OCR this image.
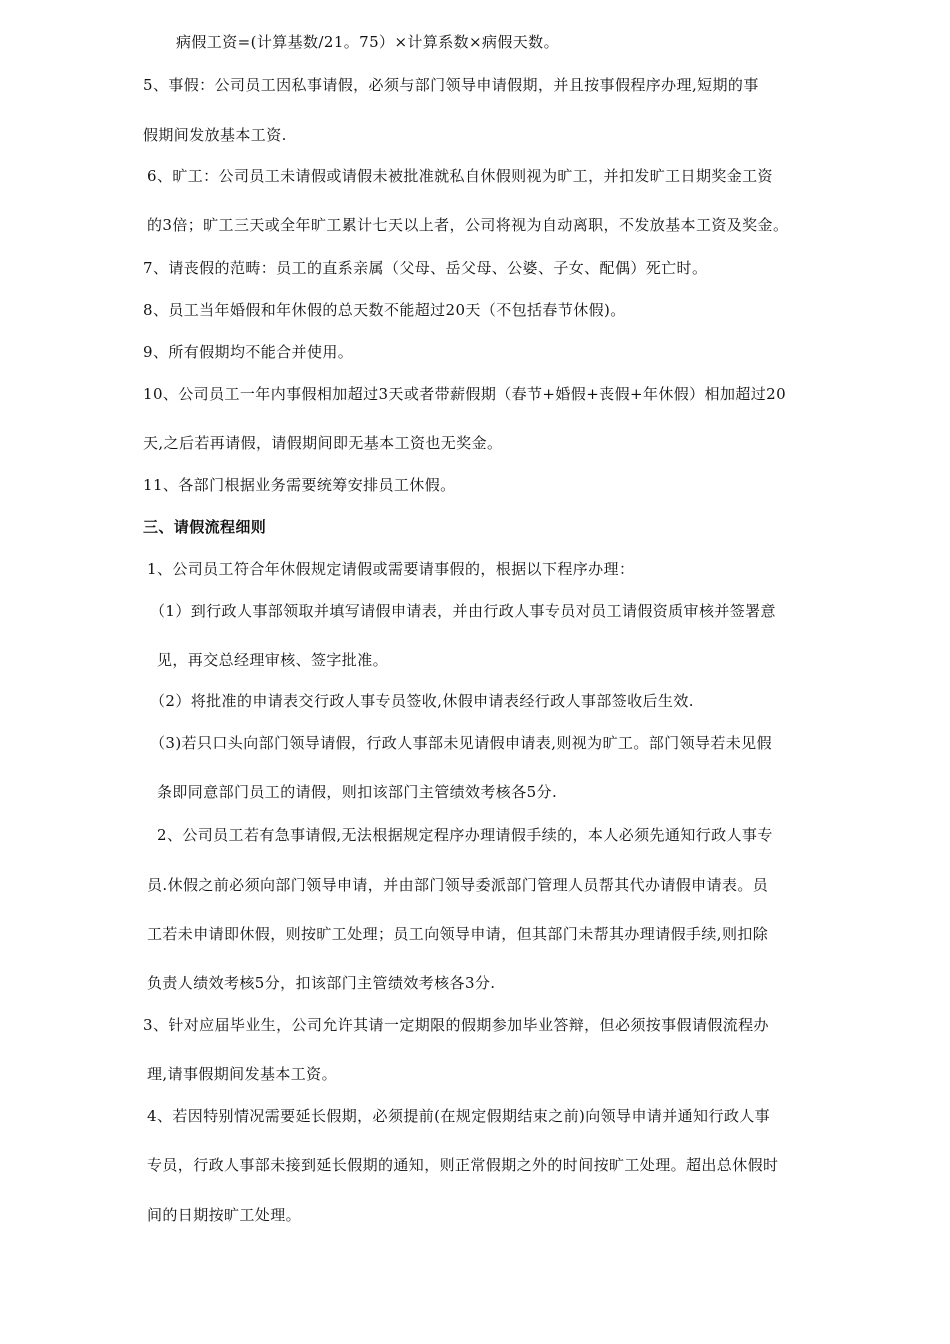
病假工资=(计算基数/21。75）×计算系数×病假天数。
5、事假：公司员工因私事请假，必须与部门领导申请假期，并且按事假程序办理,短期的事
假期间发放基本工资.
6、旷工：公司员工未请假或请假未被批准就私自休假则视为旷工，并扣发旷工日期奖金工资
的3倍；旷工三天或全年旷工累计七天以上者，公司将视为自动离职，不发放基本工资及奖金。
7、请丧假的范畴：员工的直系亲属（父母、岳父母、公婆、子女、配偶）死亡时。
8、员工当年婚假和年休假的总天数不能超过20天（不包括春节休假)。
9、所有假期均不能合并使用。
10、公司员工一年内事假相加超过3天或者带薪假期（春节+婚假+丧假+年休假）相加超过20
天,之后若再请假，请假期间即无基本工资也无奖金。
11、各部门根据业务需要统筹安排员工休假。
三、请假流程细则
1、公司员工符合年休假规定请假或需要请事假的，根据以下程序办理：
（1）到行政人事部领取并填写请假申请表，并由行政人事专员对员工请假资质审核并签署意
见，再交总经理审核、签字批准。
（2）将批准的申请表交行政人事专员签收,休假申请表经行政人事部签收后生效.
（3)若只口头向部门领导请假，行政人事部未见请假申请表,则视为旷工。部门领导若未见假
条即同意部门员工的请假，则扣该部门主管绩效考核各5分.
2、公司员工若有急事请假,无法根据规定程序办理请假手续的，本人必须先通知行政人事专
员.休假之前必须向部门领导申请，并由部门领导委派部门管理人员帮其代办请假申请表。员
工若未申请即休假，则按旷工处理；员工向领导申请，但其部门未帮其办理请假手续,则扣除
负责人绩效考核5分，扣该部门主管绩效考核各3分.
3、针对应届毕业生，公司允许其请一定期限的假期参加毕业答辩，但必须按事假请假流程办
理,请事假期间发基本工资。
4、若因特别情况需要延长假期，必须提前(在规定假期结束之前)向领导申请并通知行政人事
专员，行政人事部未接到延长假期的通知，则正常假期之外的时间按旷工处理。超出总休假时
间的日期按旷工处理。
